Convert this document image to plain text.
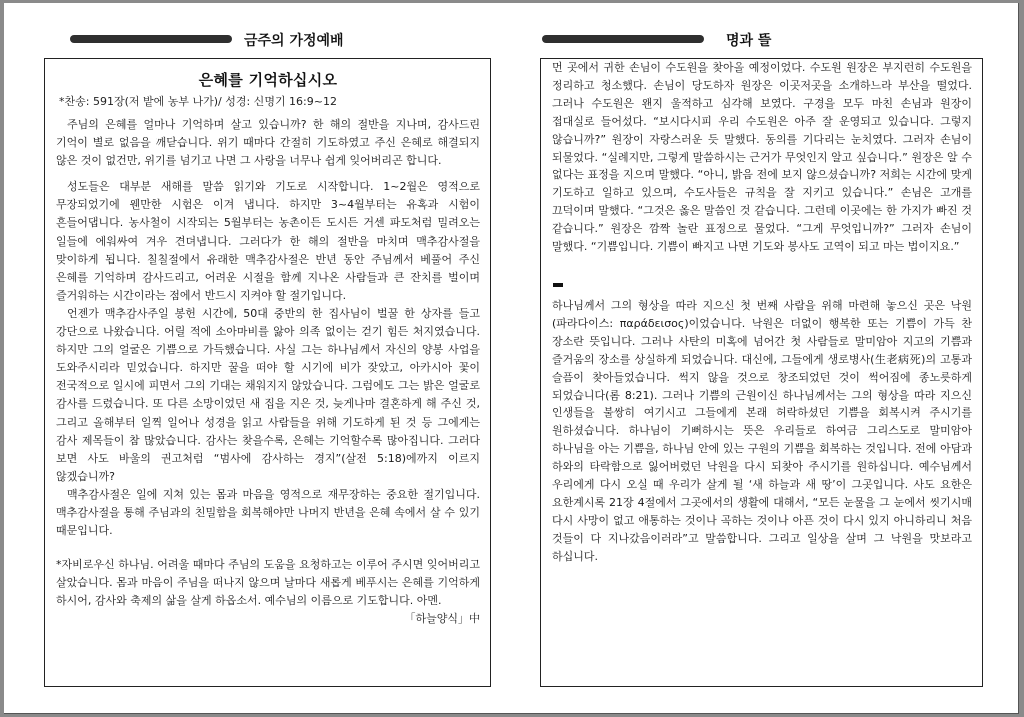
금주의 가정예배	명과 뜰
은혜를 기억하십시오
*찬송: 591장(저 밭에 농부 나가)/ 성경: 신명기 16:9~12

주님의 은혜를 얼마나 기억하며 살고 있습니까? 한 해의 절반을 지나며, 감사드린 기억이 별로 없음을 깨닫습니다. 위기 때마다 간절히 기도하였고 주신 은혜로 해결되지 않은 것이 없건만, 위기를 넘기고 나면 그 사랑을 너무나 쉽게 잊어버리곤 합니다.

성도들은 대부분 새해를 말씀 읽기와 기도로 시작합니다. 1~2월은 영적으로 무장되었기에 웬만한 시험은 이겨 냅니다. 하지만 3~4월부터는 유혹과 시험이 흔들어댑니다. 농사철이 시작되는 5월부터는 농촌이든 도시든 거센 파도처럼 밀려오는 일들에 에워싸여 겨우 견뎌냅니다. 그러다가 한 해의 절반을 마치며 맥추감사절을 맞이하게 됩니다. 칠칠절에서 유래한 맥추감사절은 반년 동안 주님께서 베풀어 주신 은혜를 기억하며 감사드리고, 어려운 시절을 함께 지나온 사람들과 큰 잔치를 벌이며 즐거워하는 시간이라는 점에서 반드시 지켜야 할 절기입니다.

언젠가 맥추감사주일 봉헌 시간에, 50대 중반의 한 집사님이 벌꿀 한 상자를 들고 강단으로 나왔습니다. 어릴 적에 소아마비를 앓아 의족 없이는 걷기 힘든 처지였습니다. 하지만 그의 얼굴은 기쁨으로 가득했습니다. 사실 그는 하나님께서 자신의 양봉 사업을 도와주시리라 믿었습니다. 하지만 꿀을 떠야 할 시기에 비가 잦았고, 아카시아 꽃이 전국적으로 일시에 피면서 그의 기대는 채워지지 않았습니다. 그럼에도 그는 밝은 얼굴로 감사를 드렸습니다. 또 다른 소망이었던 새 집을 지은 것, 늦게나마 결혼하게 해 주신 것, 그리고 올해부터 일찍 일어나 성경을 읽고 사람들을 위해 기도하게 된 것 등 그에게는 감사 제목들이 참 많았습니다. 감사는 찾을수록, 은혜는 기억할수록 많아집니다. 그러다 보면 사도 바울의 권고처럼 “범사에 감사하는 경지”(살전 5:18)에까지 이르지 않겠습니까?

맥추감사절은 일에 지쳐 있는 몸과 마음을 영적으로 재무장하는 중요한 절기입니다. 맥추감사절을 통해 주님과의 친밀함을 회복해야만 나머지 반년을 은혜 속에서 살 수 있기 때문입니다.

*자비로우신 하나님. 어려울 때마다 주님의 도움을 요청하고는 이루어 주시면 잊어버리고 살았습니다. 몸과 마음이 주님을 떠나지 않으며 날마다 새롭게 베푸시는 은혜를 기억하게 하시어, 감사와 축제의 삶을 살게 하옵소서. 예수님의 이름으로 기도합니다. 아멘.
「하늘양식」中

먼 곳에서 귀한 손님이 수도원을 찾아올 예정이었다. 수도원 원장은 부지런히 수도원을 정리하고 청소했다. 손님이 당도하자 원장은 이곳저곳을 소개하느라 부산을 떨었다. 그러나 수도원은 왠지 울적하고 심각해 보였다. 구경을 모두 마친 손님과 원장이 접대실로 들어섰다. “보시다시피 우리 수도원은 아주 잘 운영되고 있습니다. 그렇지 않습니까?” 원장이 자랑스러운 듯 말했다. 동의를 기다리는 눈치였다. 그러자 손님이 되물었다. “실례지만, 그렇게 말씀하시는 근거가 무엇인지 알고 싶습니다.” 원장은 알 수 없다는 표정을 지으며 말했다. “아니, 밝음 전에 보지 않으셨습니까? 저희는 시간에 맞게 기도하고 일하고 있으며, 수도사들은 규칙을 잘 지키고 있습니다.” 손님은 고개를 끄덕이며 말했다. “그것은 옳은 말씀인 것 같습니다. 그런데 이곳에는 한 가지가 빠진 것 같습니다.” 원장은 깜짝 놀란 표정으로 물었다. “그게 무엇입니까?” 그러자 손님이 말했다. “기쁨입니다. 기쁨이 빠지고 나면 기도와 봉사도 고역이 되고 마는 법이지요.”

하나님께서 그의 형상을 따라 지으신 첫 번째 사람을 위해 마련해 놓으신 곳은 낙원(파라다이스: παράδεισος)이었습니다. 낙원은 더없이 행복한 또는 기쁨이 가득 찬 장소란 뜻입니다. 그러나 사탄의 미혹에 넘어간 첫 사람들로 말미암아 지고의 기쁨과 즐거움의 장소를 상실하게 되었습니다. 대신에, 그들에게 생로병사(生老病死)의 고통과 슬픔이 찾아들었습니다. 썩지 않을 것으로 창조되었던 것이 썩어짐에 종노릇하게 되었습니다(롬 8:21). 그러나 기쁨의 근원이신 하나님께서는 그의 형상을 따라 지으신 인생들을 불쌍히 여기시고 그들에게 본래 허락하셨던 기쁨을 회복시켜 주시기를 원하셨습니다. 하나님이 기뻐하시는 뜻은 우리들로 하여금 그리스도로 말미암아 하나님을 아는 기쁨을, 하나님 안에 있는 구원의 기쁨을 회복하는 것입니다. 전에 아담과 하와의 타락함으로 잃어버렸던 낙원을 다시 되찾아 주시기를 원하십니다. 예수님께서 우리에게 다시 오실 때 우리가 살게 될 ‘새 하늘과 새 땅’이 그곳입니다. 사도 요한은 요한계시록 21장 4절에서 그곳에서의 생활에 대해서, “모든 눈물을 그 눈에서 씻기시매 다시 사망이 없고 애통하는 것이나 곡하는 것이나 아픈 것이 다시 있지 아니하리니 처음 것들이 다 지나갔음이러라”고 말씀합니다. 그리고 일상을 살며 그 낙원을 맛보라고 하십니다.
